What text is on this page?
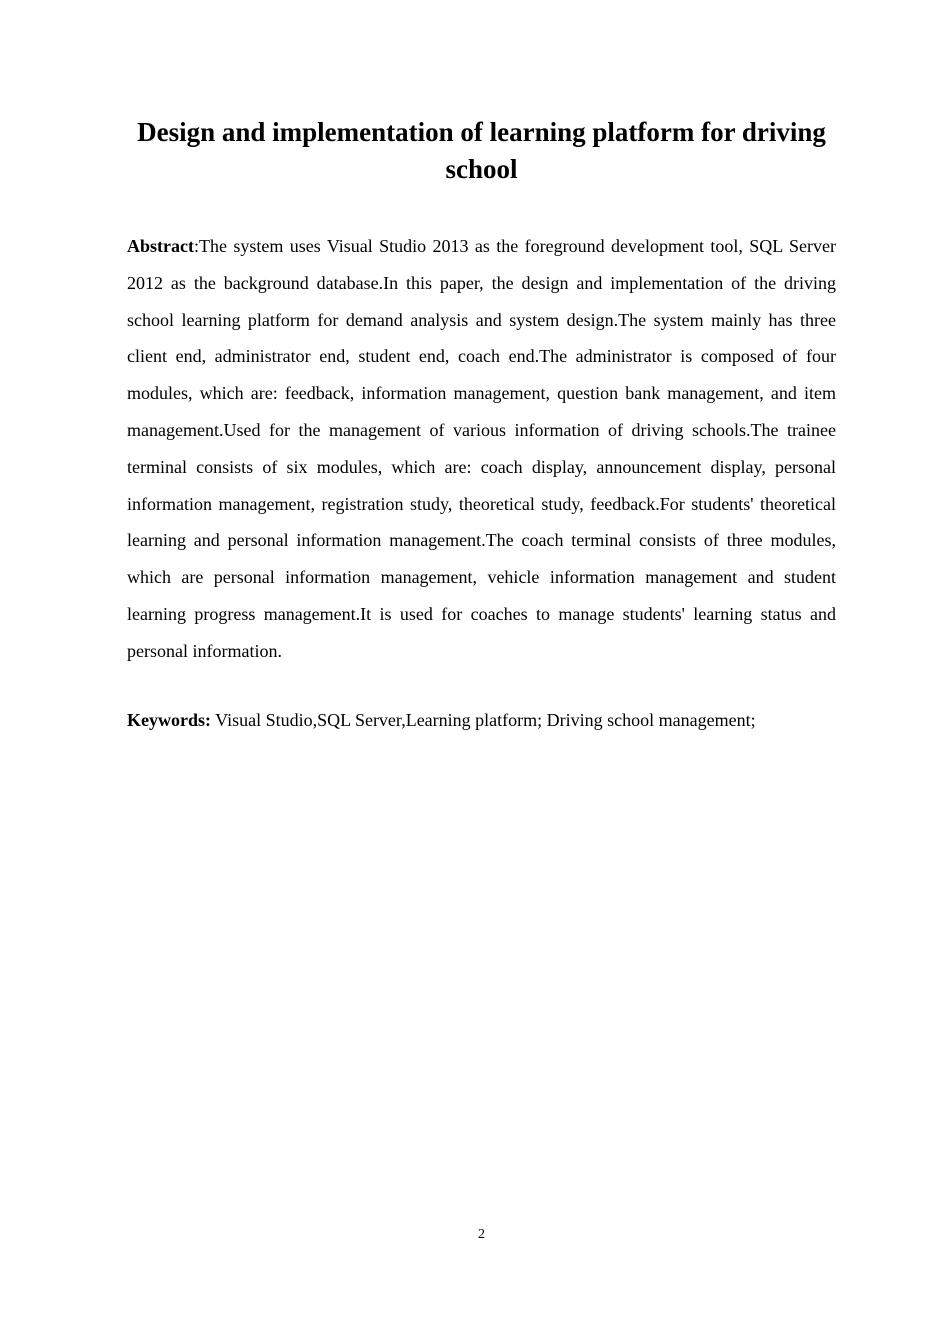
Design and implementation of learning platform for driving school

Abstract:The system uses Visual Studio 2013 as the foreground development tool, SQL Server 2012 as the background database.In this paper, the design and implementation of the driving school learning platform for demand analysis and system design.The system mainly has three client end, administrator end, student end, coach end.The administrator is composed of four modules, which are: feedback, information management, question bank management, and item management.Used for the management of various information of driving schools.The trainee terminal consists of six modules, which are: coach display, announcement display, personal information management, registration study, theoretical study, feedback.For students' theoretical learning and personal information management.The coach terminal consists of three modules, which are personal information management, vehicle information management and student learning progress management.It is used for coaches to manage students' learning status and personal information.

Keywords: Visual Studio,SQL Server,Learning platform; Driving school management;

2
